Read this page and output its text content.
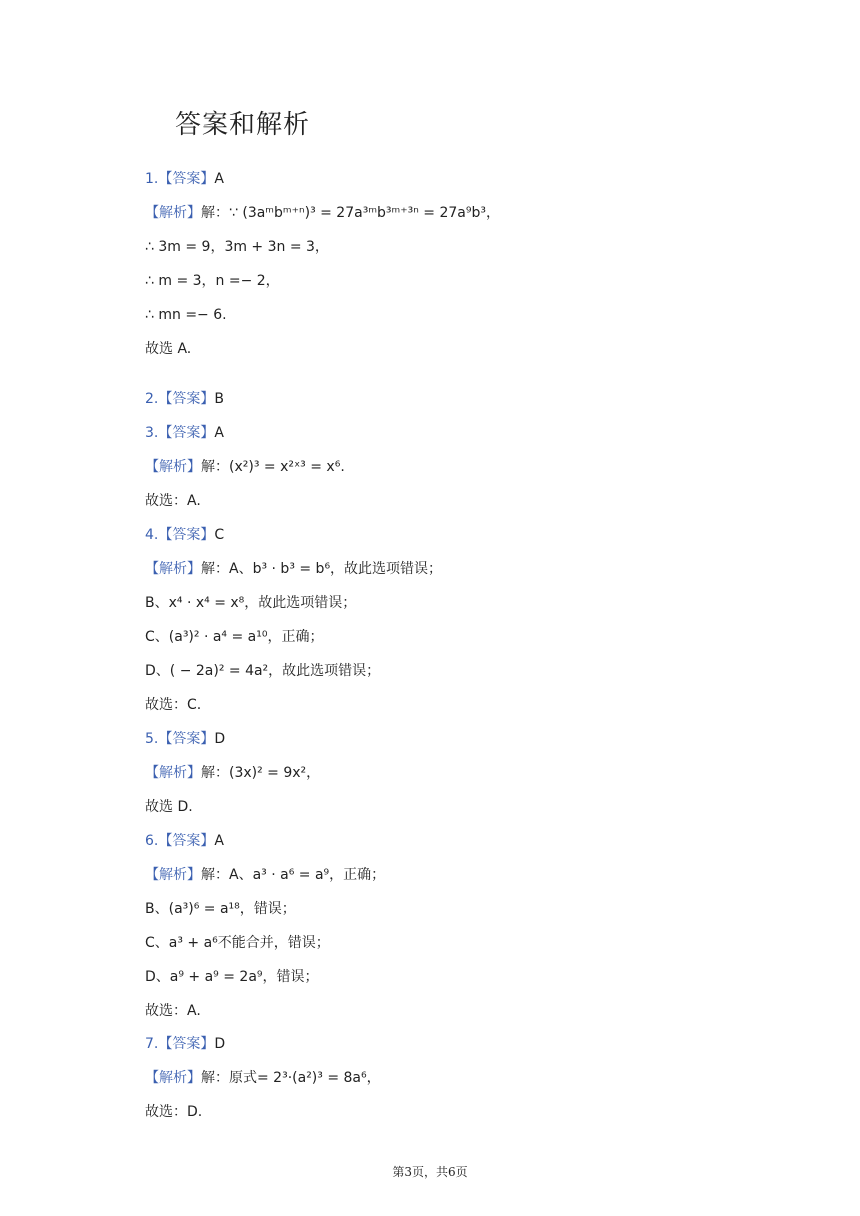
答案和解析
1.【答案】A
【解析】解：∵ (3aᵐbᵐ⁺ⁿ)³ = 27a³ᵐb³ᵐ⁺³ⁿ = 27a⁹b³，
∴ 3m = 9，3m + 3n = 3，
∴ m = 3，n =− 2，
∴ mn =− 6.
故选 A.
2.【答案】B
3.【答案】A
【解析】解：(x²)³ = x²ˣ³ = x⁶.
故选：A.
4.【答案】C
【解析】解：A、b³ · b³ = b⁶，故此选项错误；
B、x⁴ · x⁴ = x⁸，故此选项错误；
C、(a³)² · a⁴ = a¹⁰，正确；
D、( − 2a)² = 4a²，故此选项错误；
故选：C.
5.【答案】D
【解析】解：(3x)² = 9x²，
故选 D.
6.【答案】A
【解析】解：A、a³ · a⁶ = a⁹，正确；
B、(a³)⁶ = a¹⁸，错误；
C、a³ + a⁶不能合并，错误；
D、a⁹ + a⁹ = 2a⁹，错误；
故选：A.
7.【答案】D
【解析】解：原式= 2³·(a²)³ = 8a⁶，
故选：D.
第3页，共6页
